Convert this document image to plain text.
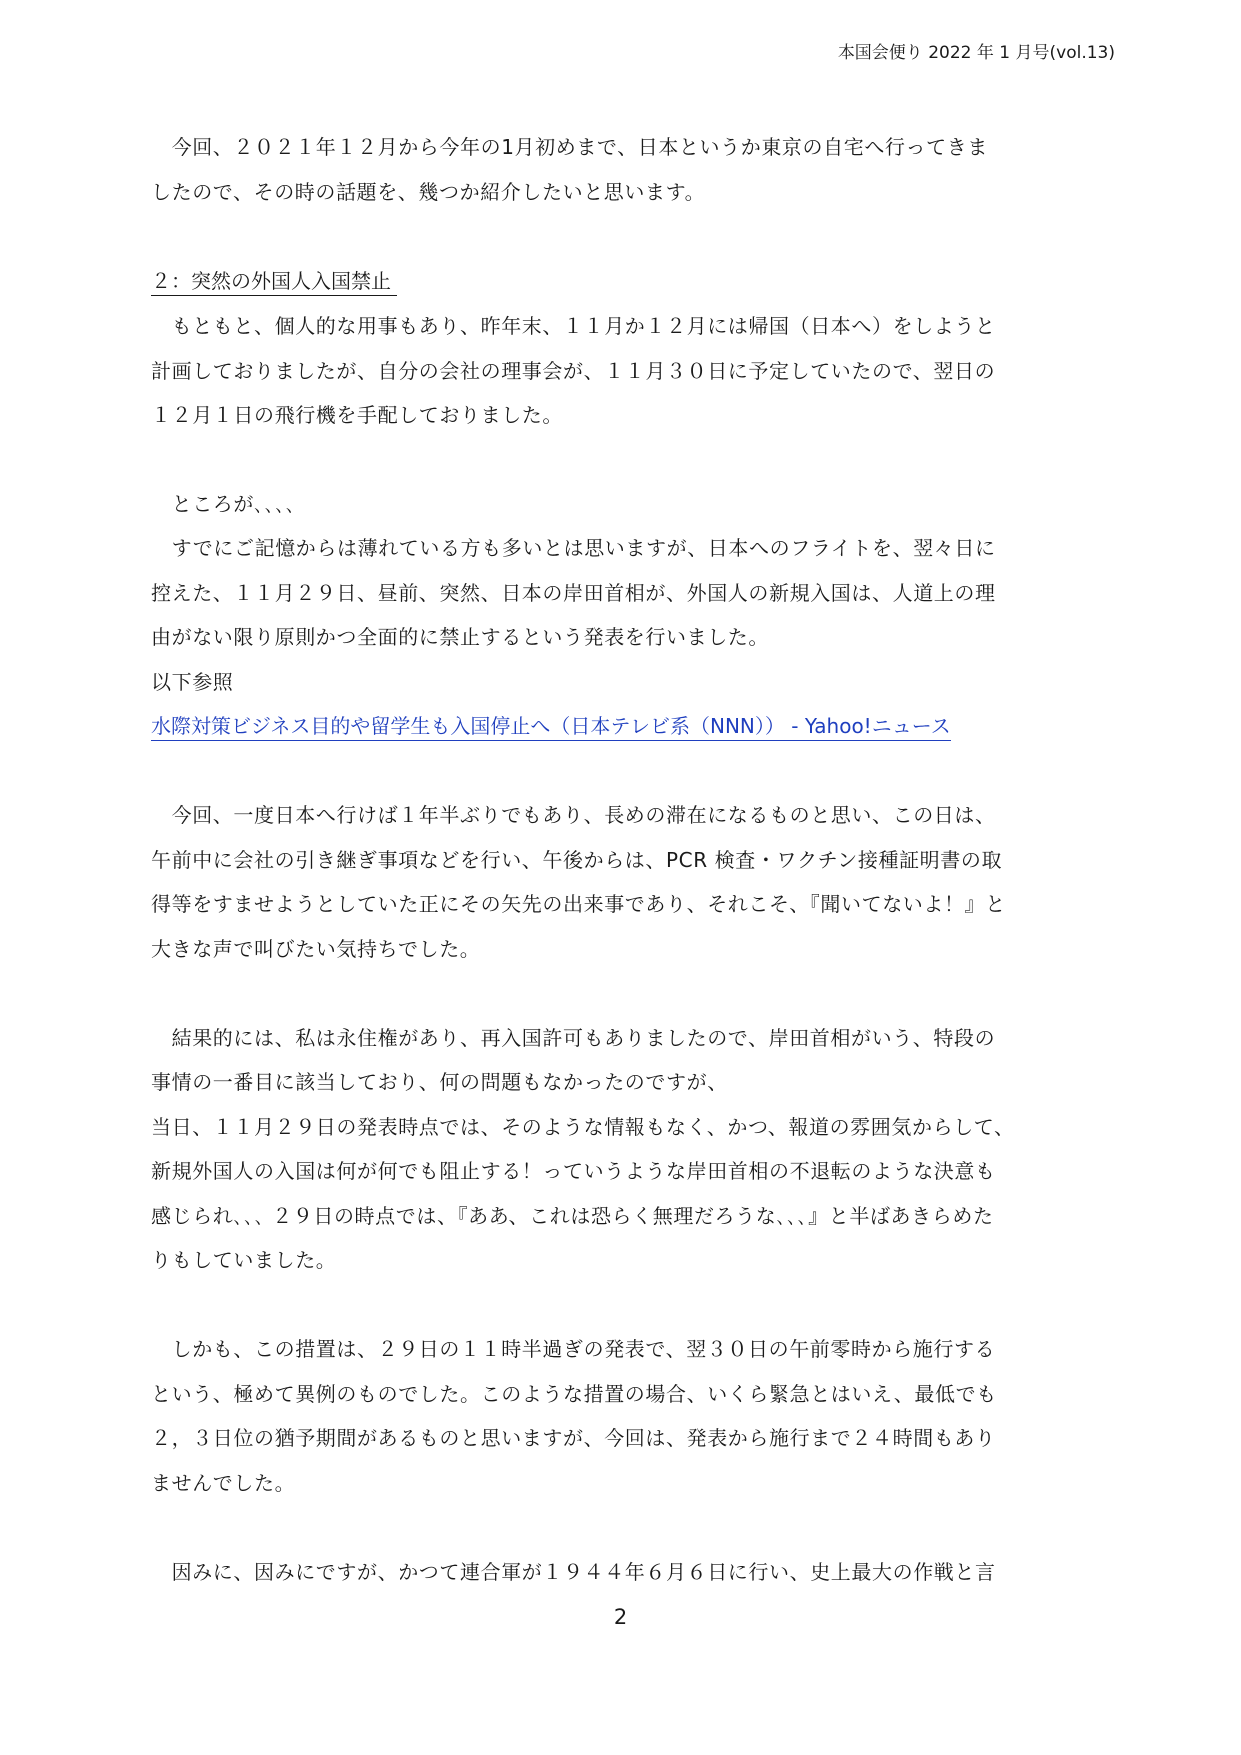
本国会便り 2022 年 1 月号(vol.13)
　今回、２０２１年１２月から今年の1月初めまで、日本というか東京の自宅へ行ってきま
したので、その時の話題を、幾つか紹介したいと思います。
２：突然の外国人入国禁止
　もともと、個人的な用事もあり、昨年末、１１月か１２月には帰国（日本へ）をしようと
計画しておりましたが、自分の会社の理事会が、１１月３０日に予定していたので、翌日の
１２月１日の飛行機を手配しておりました。
　ところが､､､､
　すでにご記憶からは薄れている方も多いとは思いますが、日本へのフライトを、翌々日に
控えた、１１月２９日、昼前、突然、日本の岸田首相が、外国人の新規入国は、人道上の理
由がない限り原則かつ全面的に禁止するという発表を行いました。
以下参照
水際対策ビジネス目的や留学生も入国停止へ（日本テレビ系（NNN）） - Yahoo!ニュース
　今回、一度日本へ行けば１年半ぶりでもあり、長めの滞在になるものと思い、この日は、
午前中に会社の引き継ぎ事項などを行い、午後からは、PCR 検査・ワクチン接種証明書の取
得等をすませようとしていた正にその矢先の出来事であり、それこそ、『聞いてないよ！』と
大きな声で叫びたい気持ちでした。
　結果的には、私は永住権があり、再入国許可もありましたので、岸田首相がいう、特段の
事情の一番目に該当しており、何の問題もなかったのですが、
当日、１１月２９日の発表時点では、そのような情報もなく、かつ、報道の雰囲気からして、
新規外国人の入国は何が何でも阻止する！っていうような岸田首相の不退転のような決意も
感じられ､､､ ２９日の時点では、『ああ、これは恐らく無理だろうな､､､』と半ばあきらめた
りもしていました。
　しかも、この措置は、２９日の１１時半過ぎの発表で、翌３０日の午前零時から施行する
という、極めて異例のものでした。このような措置の場合、いくら緊急とはいえ、最低でも
２，３日位の猶予期間があるものと思いますが、今回は、発表から施行まで２４時間もあり
ませんでした。
　因みに、因みにですが、かつて連合軍が１９４４年６月６日に行い、史上最大の作戦と言
2
